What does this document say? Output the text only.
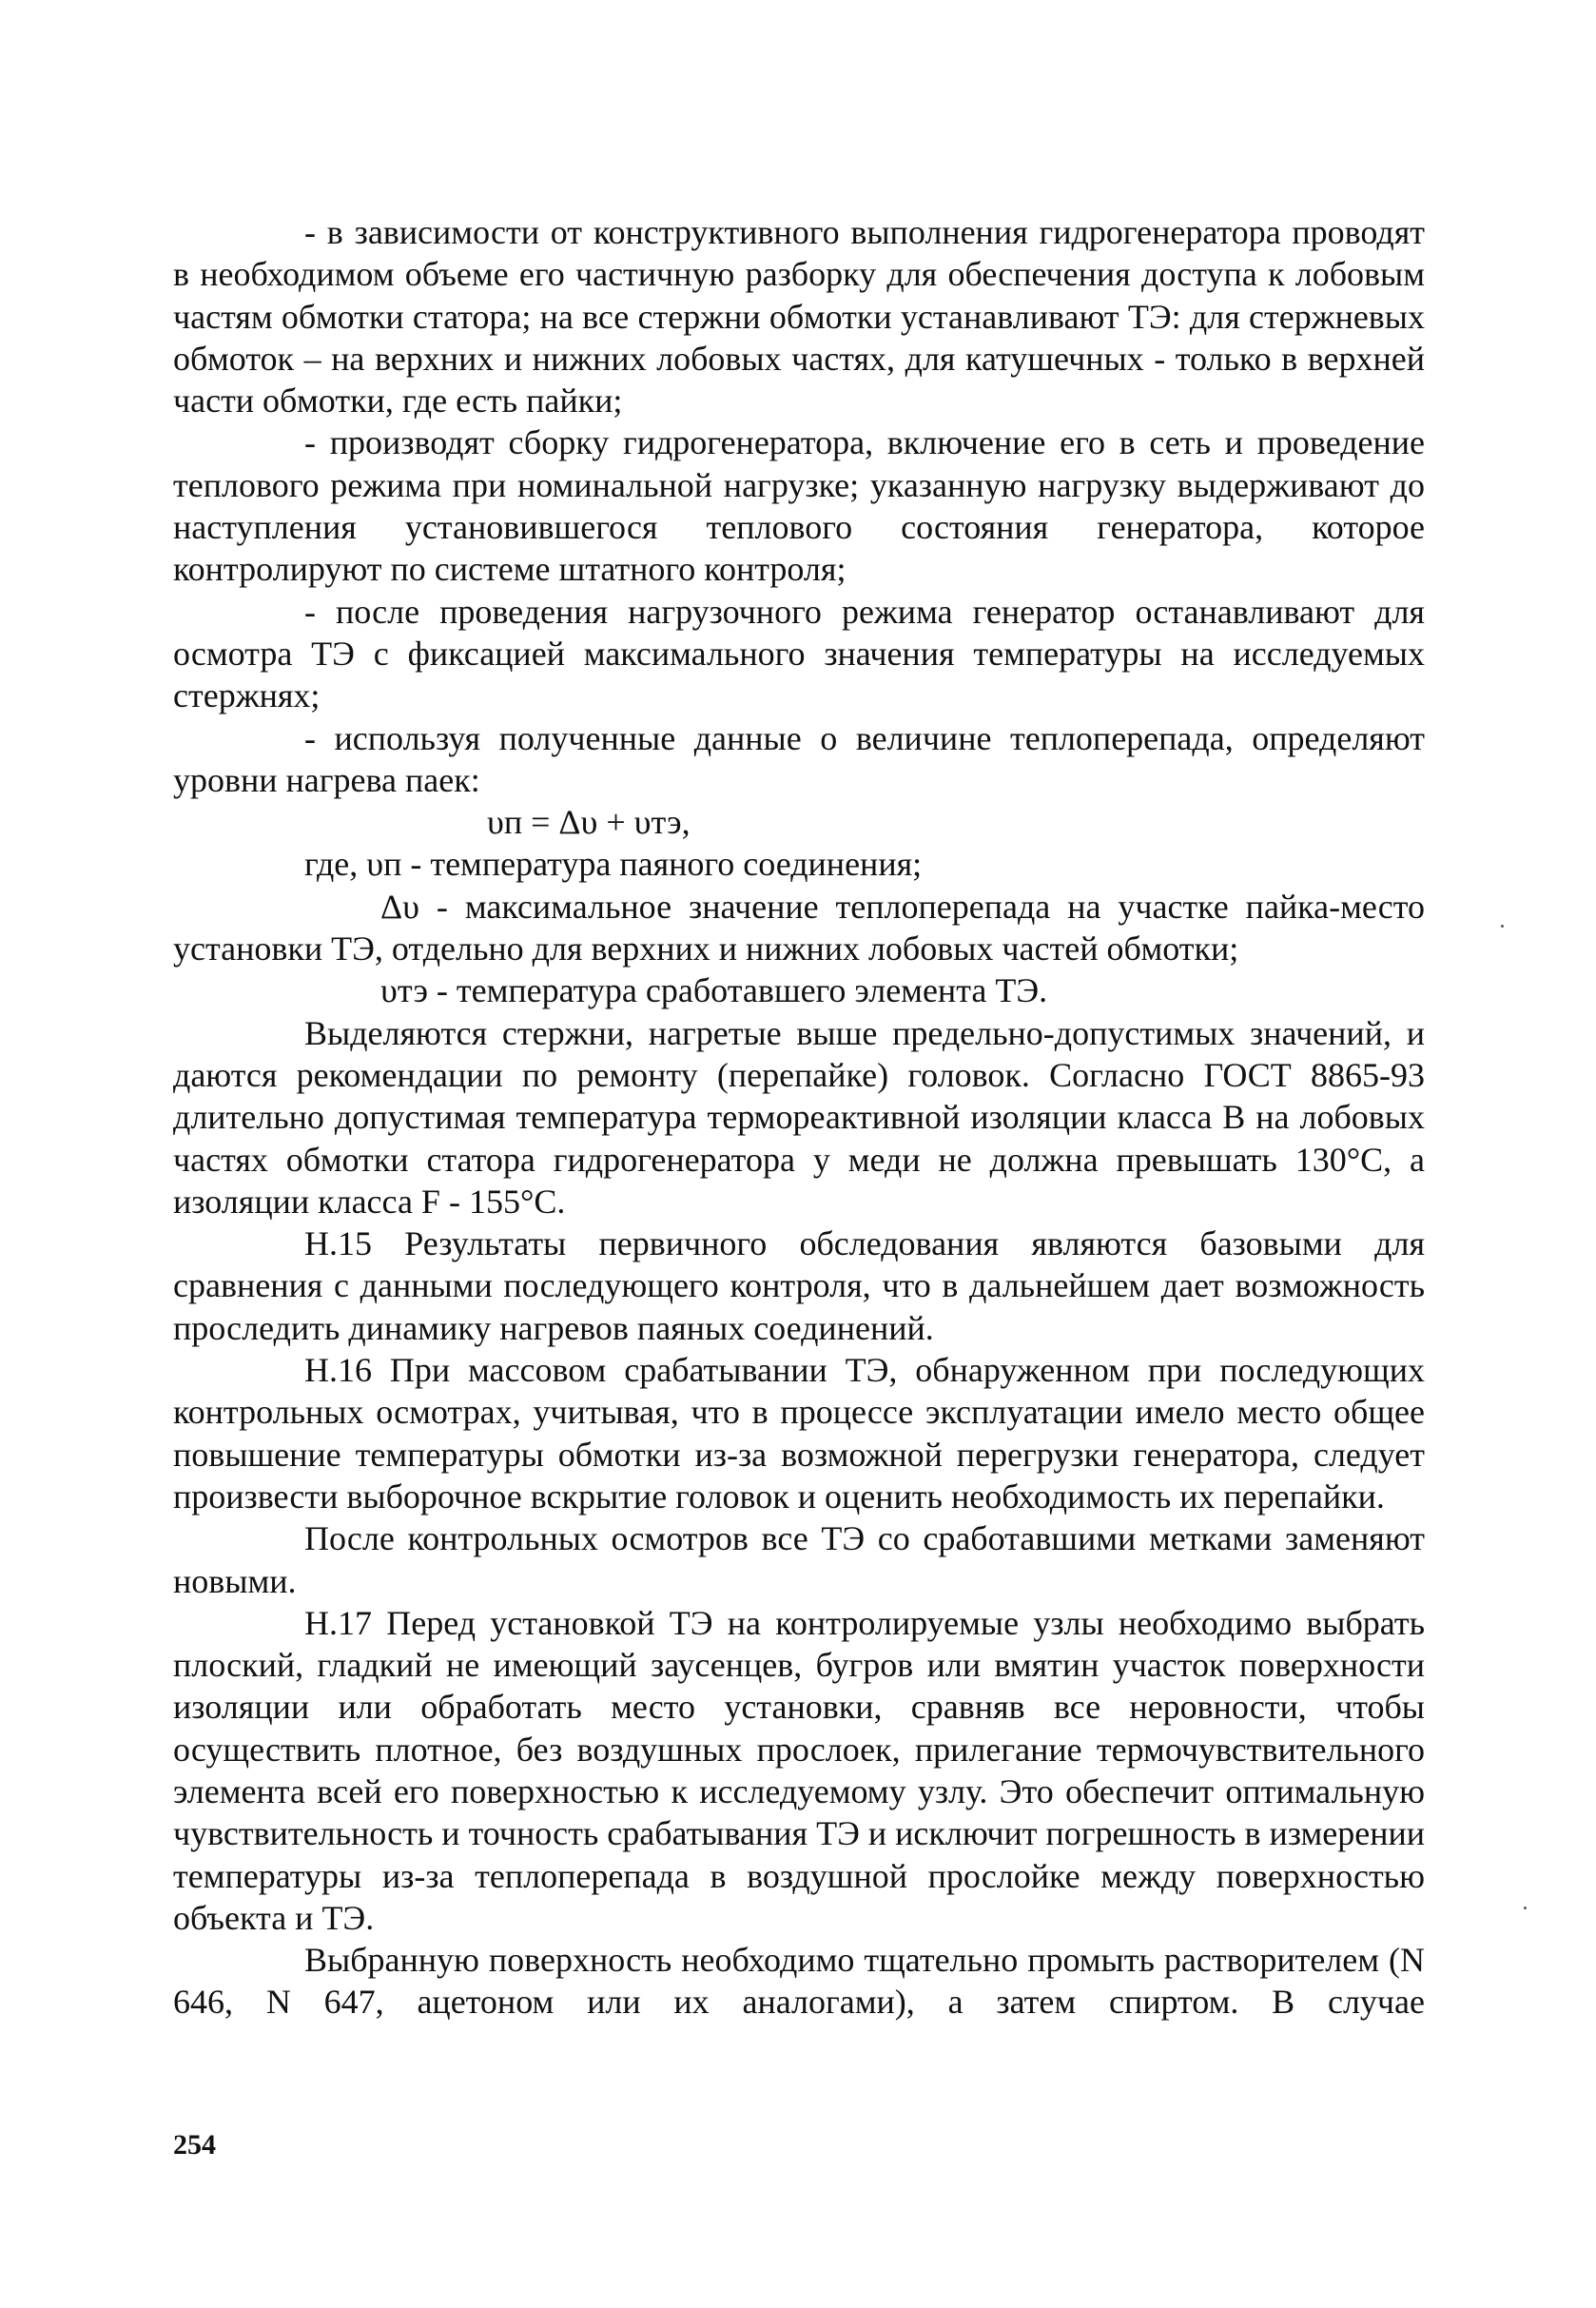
- в зависимости от конструктивного выполнения гидрогенератора проводят в необходимом объеме его частичную разборку для обеспечения доступа к лобовым частям обмотки статора; на все стержни обмотки устанавливают ТЭ: для стержневых обмоток – на верхних и нижних лобовых частях, для катушечных - только в верхней части обмотки, где есть пайки;

- производят сборку гидрогенератора, включение его в сеть и проведение теплового режима при номинальной нагрузке; указанную нагрузку выдерживают до наступления установившегося теплового состояния генератора, которое контролируют по системе штатного контроля;

- после проведения нагрузочного режима генератор останавливают для осмотра ТЭ с фиксацией максимального значения температуры на исследуемых стержнях;

- используя полученные данные о величине теплоперепада, определяют уровни нагрева паек:

υп = Δυ + υтэ,

где, υп - температура паяного соединения;

Δυ - максимальное значение теплоперепада на участке пайка-место установки ТЭ, отдельно для верхних и нижних лобовых частей обмотки;

υтэ - температура сработавшего элемента ТЭ.

Выделяются стержни, нагретые выше предельно-допустимых значений, и даются рекомендации по ремонту (перепайке) головок. Согласно ГОСТ 8865-93 длительно допустимая температура термореактивной изоляции класса В на лобовых частях обмотки статора гидрогенератора у меди не должна превышать 130°С, а изоляции класса F - 155°С.

Н.15 Результаты первичного обследования являются базовыми для сравнения с данными последующего контроля, что в дальнейшем дает возможность проследить динамику нагревов паяных соединений.

Н.16 При массовом срабатывании ТЭ, обнаруженном при последующих контрольных осмотрах, учитывая, что в процессе эксплуатации имело место общее повышение температуры обмотки из-за возможной перегрузки генератора, следует произвести выборочное вскрытие головок и оценить необходимость их перепайки.

После контрольных осмотров все ТЭ со сработавшими метками заменяют новыми.

Н.17 Перед установкой ТЭ на контролируемые узлы необходимо выбрать плоский, гладкий не имеющий заусенцев, бугров или вмятин участок поверхности изоляции или обработать место установки, сравняв все неровности, чтобы осуществить плотное, без воздушных прослоек, прилегание термочувствительного элемента всей его поверхностью к исследуемому узлу. Это обеспечит оптимальную чувствительность и точность срабатывания ТЭ и исключит погрешность в измерении температуры из-за теплоперепада в воздушной прослойке между поверхностью объекта и ТЭ.

Выбранную поверхность необходимо тщательно промыть растворителем (N 646, N 647, ацетоном или их аналогами), а затем спиртом. В случае

254
